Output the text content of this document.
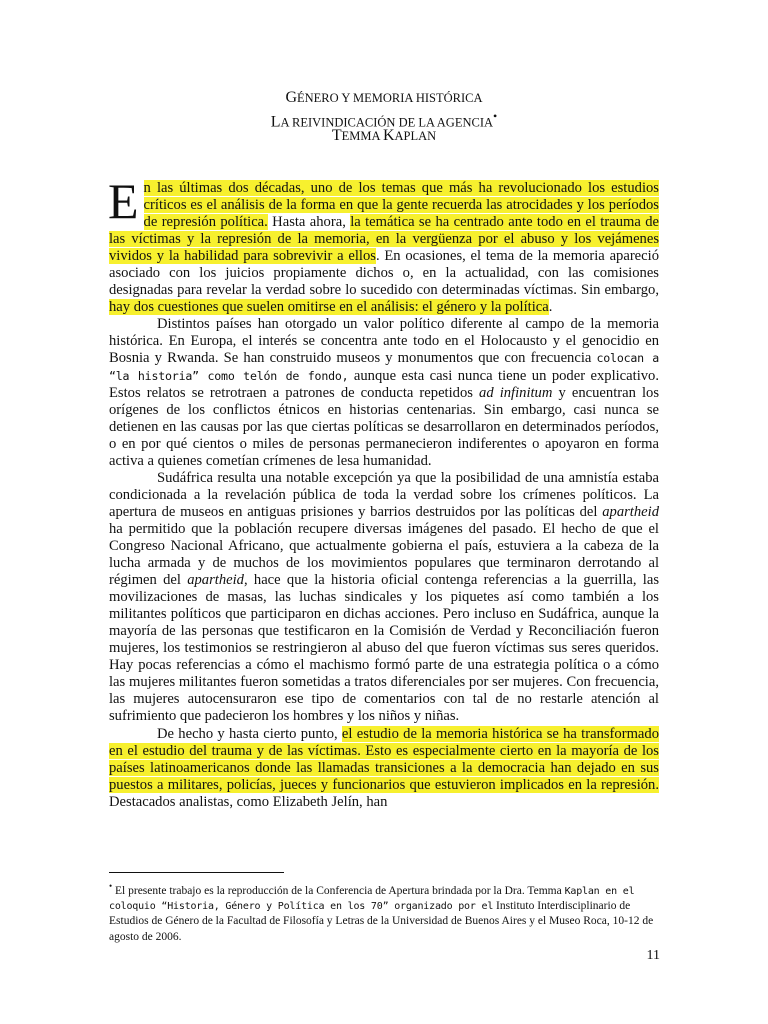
GÉNERO Y MEMORIA HISTÓRICA
LA REIVINDICACIÓN DE LA AGENCIA•
TEMMA KAPLAN

En las últimas dos décadas, uno de los temas que más ha revolucionado los estudios críticos es el análisis de la forma en que la gente recuerda las atrocidades y los períodos de represión política. Hasta ahora, la temática se ha centrado ante todo en el trauma de las víctimas y la represión de la memoria, en la vergüenza por el abuso y los vejámenes vividos y la habilidad para sobrevivir a ellos. En ocasiones, el tema de la memoria apareció asociado con los juicios propiamente dichos o, en la actualidad, con las comisiones designadas para revelar la verdad sobre lo sucedido con determinadas víctimas. Sin embargo, hay dos cuestiones que suelen omitirse en el análisis: el género y la política.

Distintos países han otorgado un valor político diferente al campo de la memoria histórica. En Europa, el interés se concentra ante todo en el Holocausto y el genocidio en Bosnia y Rwanda. Se han construido museos y monumentos que con frecuencia colocan a “la historia” como telón de fondo, aunque esta casi nunca tiene un poder explicativo. Estos relatos se retrotraen a patrones de conducta repetidos ad infinitum y encuentran los orígenes de los conflictos étnicos en historias centenarias. Sin embargo, casi nunca se detienen en las causas por las que ciertas políticas se desarrollaron en determinados períodos, o en por qué cientos o miles de personas permanecieron indiferentes o apoyaron en forma activa a quienes cometían crímenes de lesa humanidad.

Sudáfrica resulta una notable excepción ya que la posibilidad de una amnistía estaba condicionada a la revelación pública de toda la verdad sobre los crímenes políticos. La apertura de museos en antiguas prisiones y barrios destruidos por las políticas del apartheid ha permitido que la población recupere diversas imágenes del pasado. El hecho de que el Congreso Nacional Africano, que actualmente gobierna el país, estuviera a la cabeza de la lucha armada y de muchos de los movimientos populares que terminaron derrotando al régimen del apartheid, hace que la historia oficial contenga referencias a la guerrilla, las movilizaciones de masas, las luchas sindicales y los piquetes así como también a los militantes políticos que participaron en dichas acciones. Pero incluso en Sudáfrica, aunque la mayoría de las personas que testificaron en la Comisión de Verdad y Reconciliación fueron mujeres, los testimonios se restringieron al abuso del que fueron víctimas sus seres queridos. Hay pocas referencias a cómo el machismo formó parte de una estrategia política o a cómo las mujeres militantes fueron sometidas a tratos diferenciales por ser mujeres. Con frecuencia, las mujeres autocensuraron ese tipo de comentarios con tal de no restarle atención al sufrimiento que padecieron los hombres y los niños y niñas.

De hecho y hasta cierto punto, el estudio de la memoria histórica se ha transformado en el estudio del trauma y de las víctimas. Esto es especialmente cierto en la mayoría de los países latinoamericanos donde las llamadas transiciones a la democracia han dejado en sus puestos a militares, policías, jueces y funcionarios que estuvieron implicados en la represión. Destacados analistas, como Elizabeth Jelín, han

• El presente trabajo es la reproducción de la Conferencia de Apertura brindada por la Dra. Temma Kaplan en el coloquio “Historia, Género y Política en los 70” organizado por el Instituto Interdisciplinario de Estudios de Género de la Facultad de Filosofía y Letras de la Universidad de Buenos Aires y el Museo Roca, 10-12 de agosto de 2006.
11
